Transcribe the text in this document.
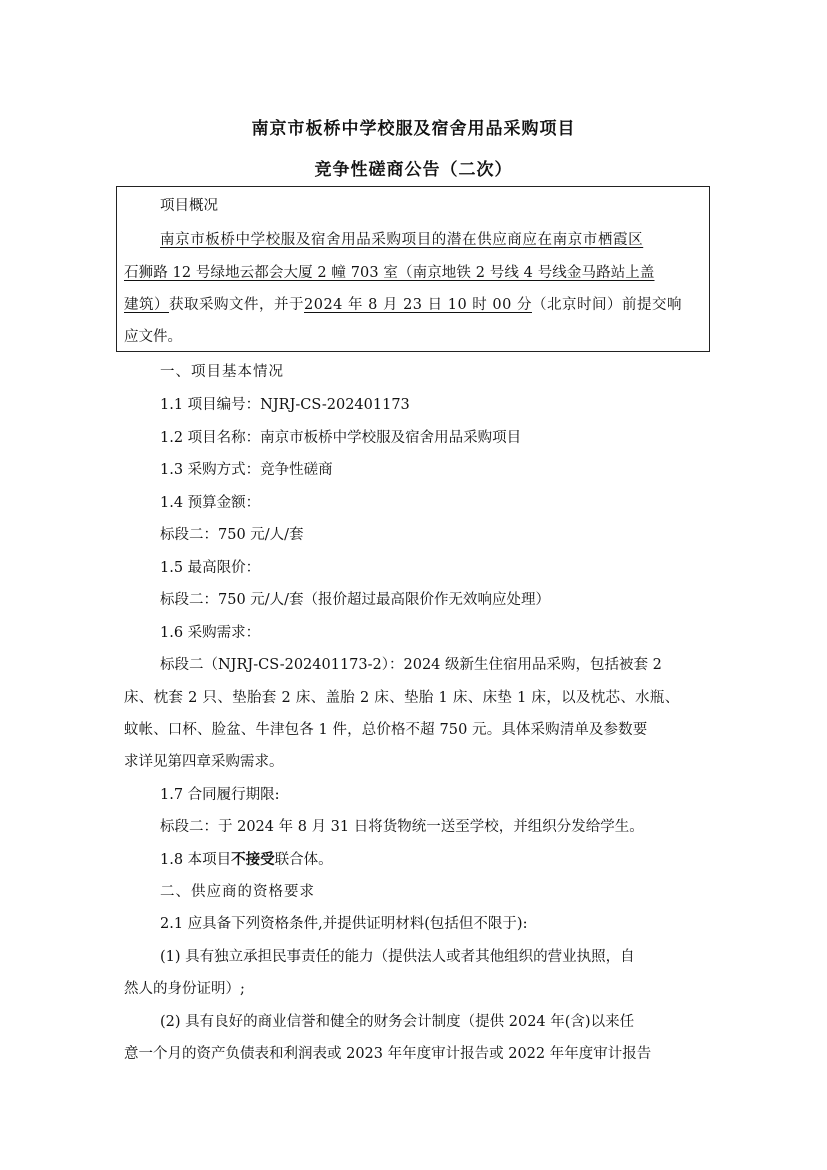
南京市板桥中学校服及宿舍用品采购项目
竞争性磋商公告（二次）
项目概况
南京市板桥中学校服及宿舍用品采购项目的潜在供应商应在南京市栖霞区
石狮路 12 号绿地云都会大厦 2 幢 703 室（南京地铁 2 号线 4 号线金马路站上盖
建筑）获取采购文件，并于2024 年 8 月 23 日 10 时 00 分（北京时间）前提交响
应文件。
一、项目基本情况
1.1 项目编号：NJRJ-CS-202401173
1.2 项目名称：南京市板桥中学校服及宿舍用品采购项目
1.3 采购方式：竞争性磋商
1.4 预算金额：
标段二：750 元/人/套
1.5 最高限价：
标段二：750 元/人/套（报价超过最高限价作无效响应处理）
1.6 采购需求：
标段二（NJRJ-CS-202401173-2）：2024 级新生住宿用品采购，包括被套 2
床、枕套 2 只、垫胎套 2 床、盖胎 2 床、垫胎 1 床、床垫 1 床，以及枕芯、水瓶、
蚊帐、口杯、脸盆、牛津包各 1 件，总价格不超 750 元。具体采购清单及参数要
求详见第四章采购需求。
1.7 合同履行期限:
标段二：于 2024 年 8 月 31 日将货物统一送至学校，并组织分发给学生。
1.8 本项目不接受联合体。
二、供应商的资格要求
2.1 应具备下列资格条件,并提供证明材料(包括但不限于):
(1) 具有独立承担民事责任的能力（提供法人或者其他组织的营业执照，自
然人的身份证明）;
(2) 具有良好的商业信誉和健全的财务会计制度（提供 2024 年(含)以来任
意一个月的资产负债表和利润表或 2023 年年度审计报告或 2022 年年度审计报告
